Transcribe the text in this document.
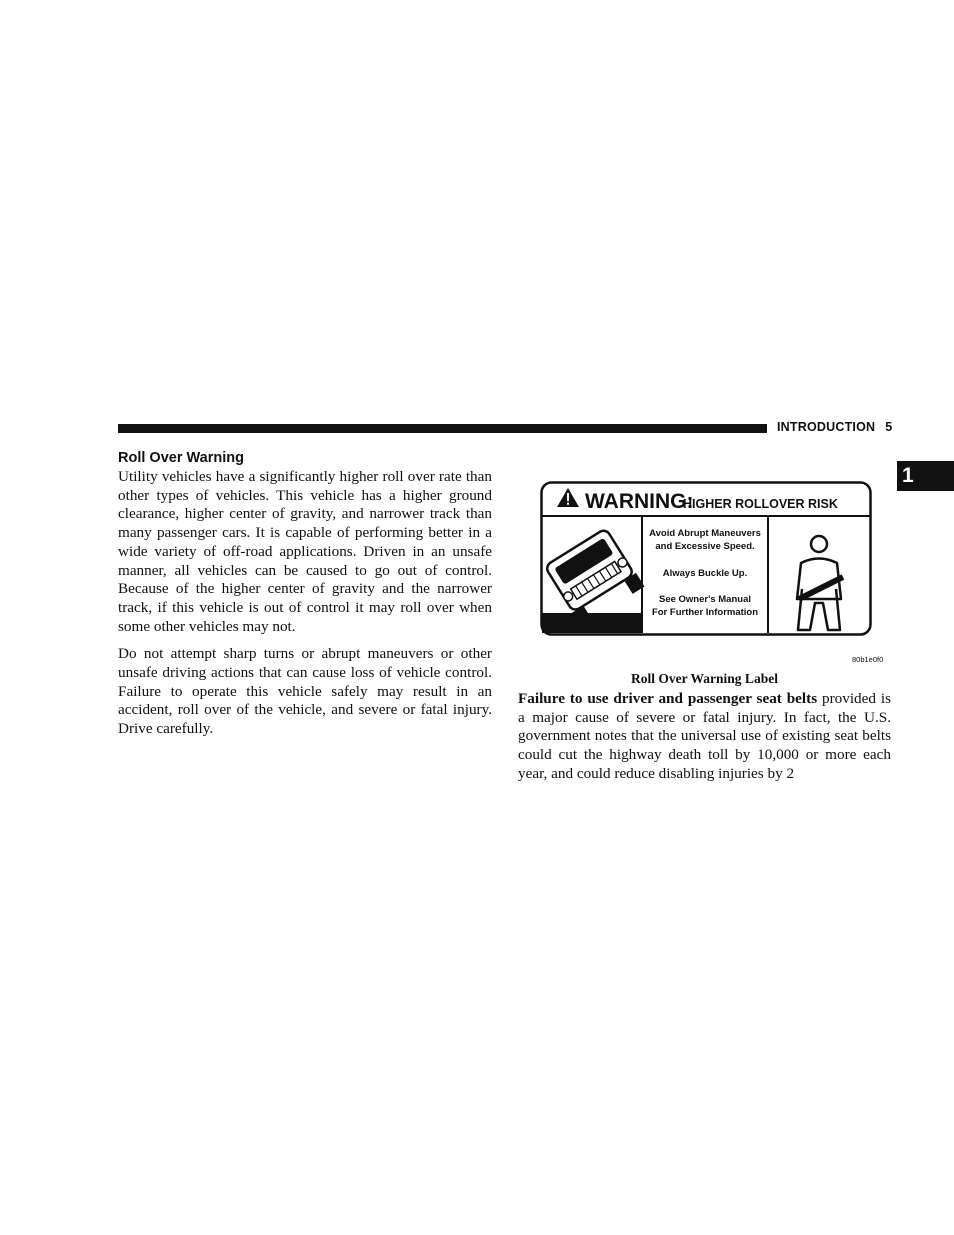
INTRODUCTION 5
1
Roll Over Warning

Utility vehicles have a significantly higher roll over rate than other types of vehicles. This vehicle has a higher ground clearance, higher center of gravity, and narrower track than many passenger cars. It is capable of performing better in a wide variety of off-road applications. Driven in an unsafe manner, all vehicles can be caused to go out of control. Because of the higher center of gravity and the narrower track, if this vehicle is out of control it may roll over when some other vehicles may not.

Do not attempt sharp turns or abrupt maneuvers or other unsafe driving actions that can cause loss of vehicle control. Failure to operate this vehicle safely may result in an accident, roll over of the vehicle, and severe or fatal injury. Drive carefully.

WARNING:
HIGHER ROLLOVER RISK
Avoid Abrupt Maneuvers
and Excessive Speed.
Always Buckle Up.
See Owner's Manual
For Further Information
80b1e0f0
Roll Over Warning Label

Failure to use driver and passenger seat belts provided is a major cause of severe or fatal injury. In fact, the U.S. government notes that the universal use of existing seat belts could cut the highway death toll by 10,000 or more each year, and could reduce disabling injuries by 2
